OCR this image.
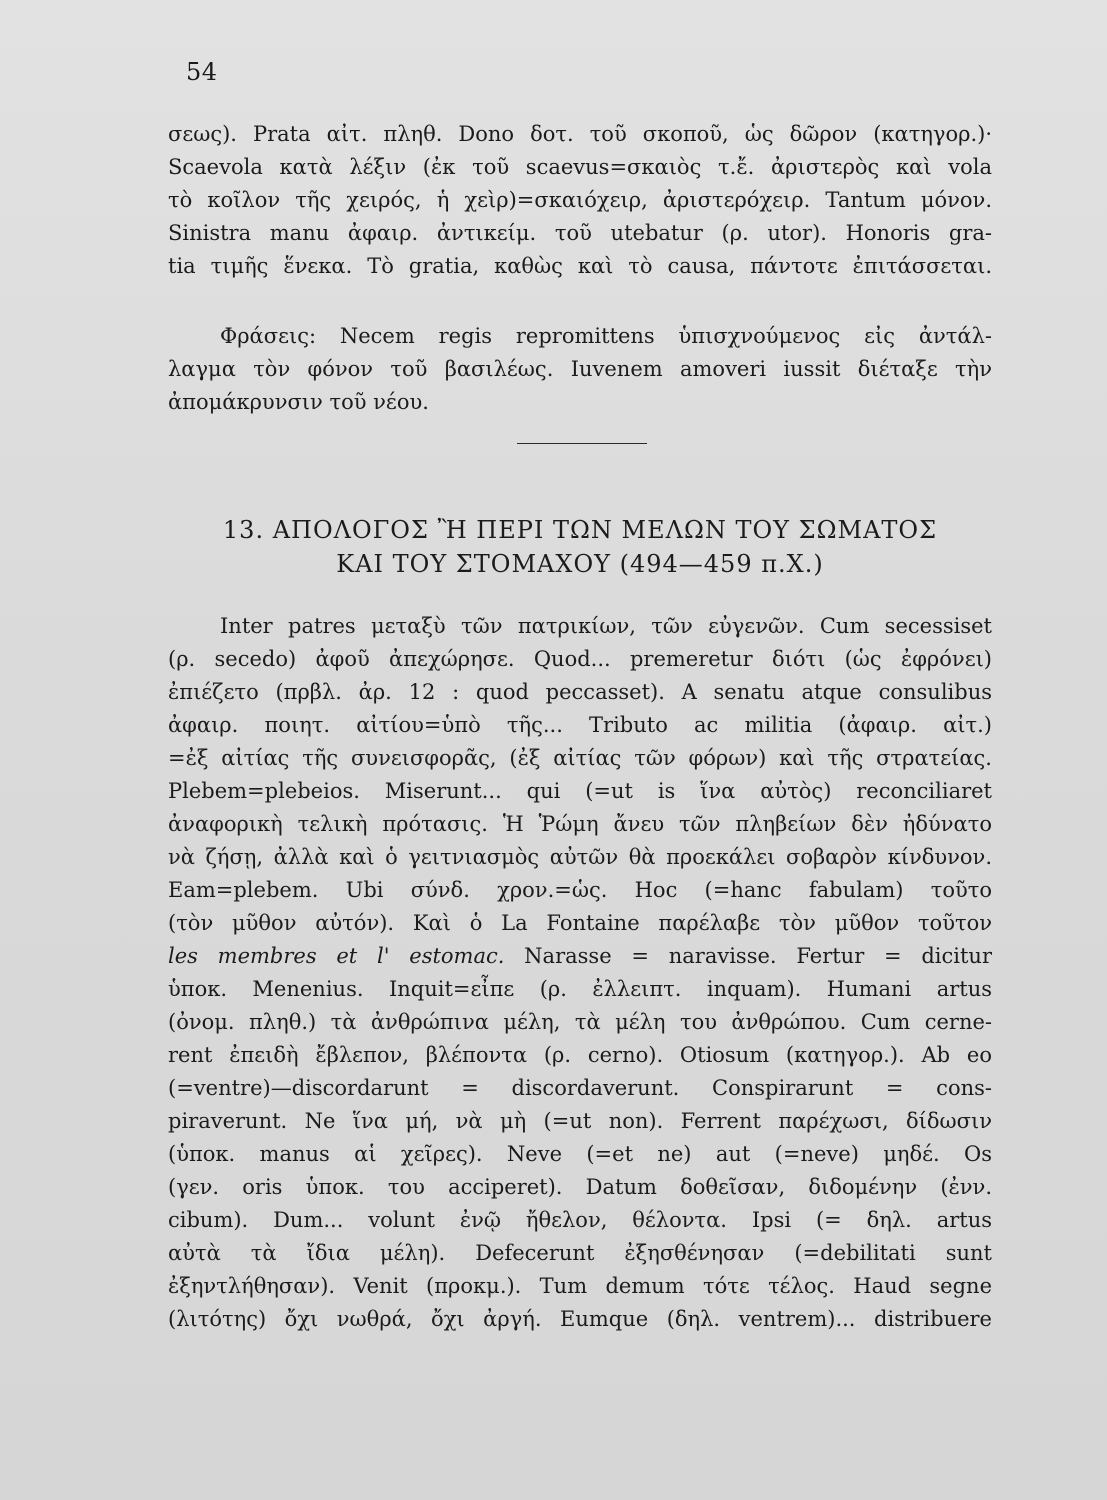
54
σεως). Prata αἰτ. πληθ. Dono δοτ. τοῦ σκοποῦ, ὡς δῶρον (κατηγορ.)·
Scaevola κατὰ λέξιν (ἐκ τοῦ scaevus=σκαιὸς τ.ἔ. ἀριστερὸς καὶ vola
τὸ κοῖλον τῆς χειρός, ἡ χεὶρ)=σκαιόχειρ, ἀριστερόχειρ. Tantum μόνον.
Sinistra manu ἀφαιρ. ἀντικείμ. τοῦ utebatur (ρ. utor). Honoris gra-
tia τιμῆς ἕνεκα. Τὸ gratia, καθὼς καὶ τὸ causa, πάντοτε ἐπιτάσσεται.
Φράσεις: Necem regis repromittens ὑπισχνούμενος εἰς ἀντάλ-
λαγμα τὸν φόνον τοῦ βασιλέως. Iuvenem amoveri iussit διέταξε τὴν
ἀπομάκρυνσιν τοῦ νέου.
13. ΑΠΟΛΟΓΟΣ Ἢ ΠΕΡΙ ΤΩΝ ΜΕΛΩΝ ΤΟΥ ΣΩΜΑΤΟΣ
ΚΑΙ ΤΟΥ ΣΤΟΜΑΧΟΥ (494—459 π.Χ.)
Inter patres μεταξὺ τῶν πατρικίων, τῶν εὐγενῶν. Cum secessiset
(ρ. secedo) ἀφοῦ ἀπεχώρησε. Quod... premeretur διότι (ὡς ἐφρόνει)
ἐπιέζετο (πρβλ. ἀρ. 12 : quod peccasset). A senatu atque consulibus
ἀφαιρ. ποιητ. αἰτίου=ὑπὸ τῆς... Tributo ac militia (ἀφαιρ. αἰτ.)
=ἐξ αἰτίας τῆς συνεισφορᾶς, (ἐξ αἰτίας τῶν φόρων) καὶ τῆς στρατείας.
Plebem=plebeios. Miserunt... qui (=ut is ἵνα αὐτὸς) reconciliaret
ἀναφορικὴ τελικὴ πρότασις. Ἡ Ῥώμη ἄνευ τῶν πληβείων δὲν ἠδύνατο
νὰ ζήσῃ, ἀλλὰ καὶ ὁ γειτνιασμὸς αὐτῶν θὰ προεκάλει σοβαρὸν κίνδυνον.
Eam=plebem. Ubi σύνδ. χρον.=ὡς. Hoc (=hanc fabulam) τοῦτο
(τὸν μῦθον αὐτόν). Καὶ ὁ La Fontaine παρέλαβε τὸν μῦθον τοῦτον
les membres et l' estomac. Narasse = naravisse. Fertur = dicitur
ὑποκ. Menenius. Inquit=εἶπε (ρ. ἐλλειπτ. inquam). Humani artus
(ὀνομ. πληθ.) τὰ ἀνθρώπινα μέλη, τὰ μέλη του ἀνθρώπου. Cum cerne-
rent ἐπειδὴ ἔβλεπον, βλέποντα (ρ. cerno). Otiosum (κατηγορ.). Ab eo
(=ventre)—discordarunt = discordaverunt. Conspirarunt = cons-
piraverunt. Ne ἵνα μή, νὰ μὴ (=ut non). Ferrent παρέχωσι, δίδωσιν
(ὑποκ. manus αἱ χεῖρες). Neve (=et ne) aut (=neve) μηδέ. Os
(γεν. oris ὑποκ. του acciperet). Datum δοθεῖσαν, διδομένην (ἐνν.
cibum). Dum... volunt ἐνῷ ἤθελον, θέλοντα. Ipsi (= δηλ. artus
αὐτὰ τὰ ἴδια μέλη). Defecerunt ἐξησθένησαν (=debilitati sunt
ἐξηντλήθησαν). Venit (προκμ.). Tum demum τότε τέλος. Haud segne
(λιτότης) ὄχι νωθρά, ὄχι ἀργή. Eumque (δηλ. ventrem)... distribuere
